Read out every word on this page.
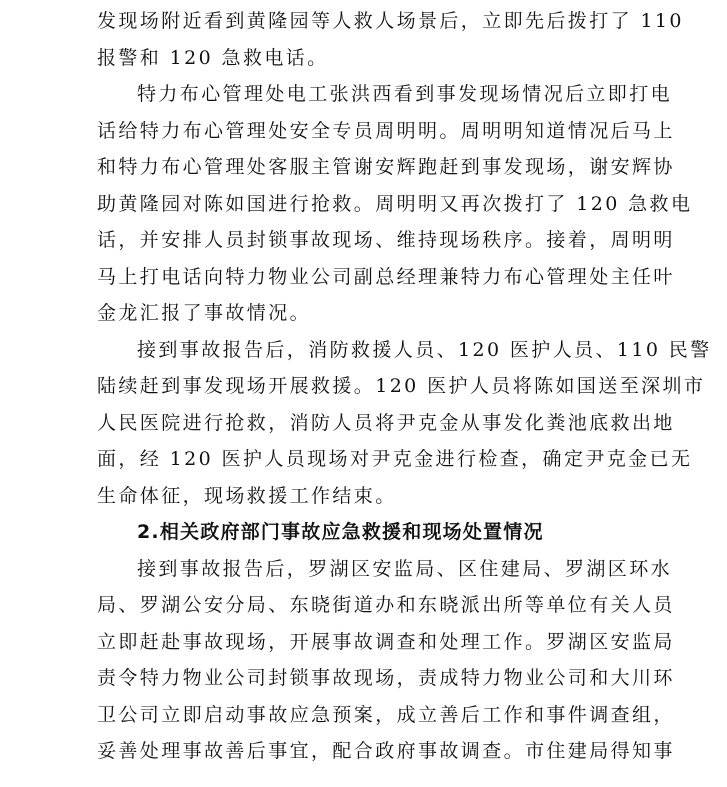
发现场附近看到黄隆园等人救人场景后，立即先后拨打了 110
报警和 120 急救电话。
特力布心管理处电工张洪西看到事发现场情况后立即打电
话给特力布心管理处安全专员周明明。周明明知道情况后马上
和特力布心管理处客服主管谢安辉跑赶到事发现场，谢安辉协
助黄隆园对陈如国进行抢救。周明明又再次拨打了 120 急救电
话，并安排人员封锁事故现场、维持现场秩序。接着，周明明
马上打电话向特力物业公司副总经理兼特力布心管理处主任叶
金龙汇报了事故情况。
接到事故报告后，消防救援人员、120 医护人员、110 民警
陆续赶到事发现场开展救援。120 医护人员将陈如国送至深圳市
人民医院进行抢救，消防人员将尹克金从事发化粪池底救出地
面，经 120 医护人员现场对尹克金进行检查，确定尹克金已无
生命体征，现场救援工作结束。
2.相关政府部门事故应急救援和现场处置情况
接到事故报告后，罗湖区安监局、区住建局、罗湖区环水
局、罗湖公安分局、东晓街道办和东晓派出所等单位有关人员
立即赶赴事故现场，开展事故调查和处理工作。罗湖区安监局
责令特力物业公司封锁事故现场，责成特力物业公司和大川环
卫公司立即启动事故应急预案，成立善后工作和事件调查组，
妥善处理事故善后事宜，配合政府事故调查。市住建局得知事
